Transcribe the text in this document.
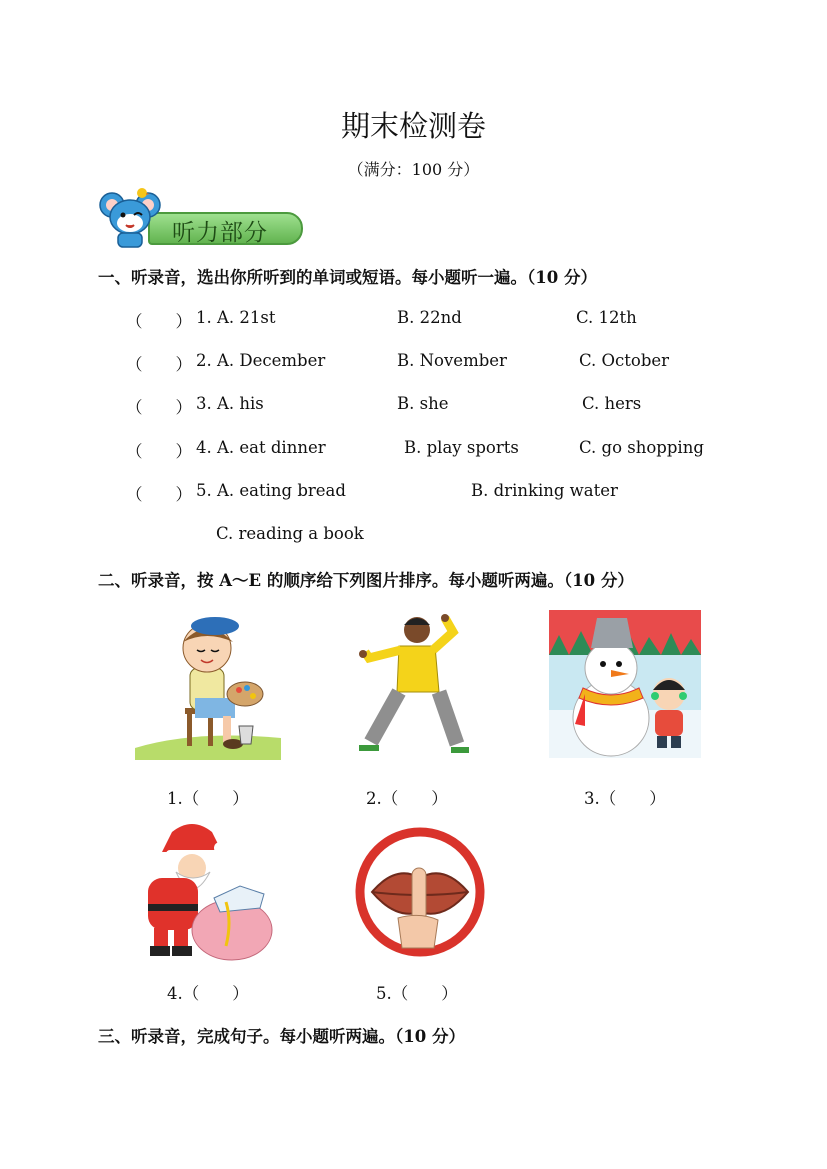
期末检测卷
（满分：100 分）
听力部分
一、听录音，选出你所听到的单词或短语。每小题听一遍。（10 分）
（　　） 1. A. 21st	B. 22nd	C. 12th
（　　） 2. A. December	B. November	C. October
（　　） 3. A. his	B. she	C. hers
（　　） 4. A. eat dinner	B. play sports	C. go shopping
（　　） 5. A. eating bread	B. drinking water
C. reading a book
二、听录音，按 A～E 的顺序给下列图片排序。每小题听两遍。（10 分）
1.（　　）	2.（　　）	3.（　　）
4.（　　）	5.（　　）
三、听录音，完成句子。每小题听两遍。（10 分）
